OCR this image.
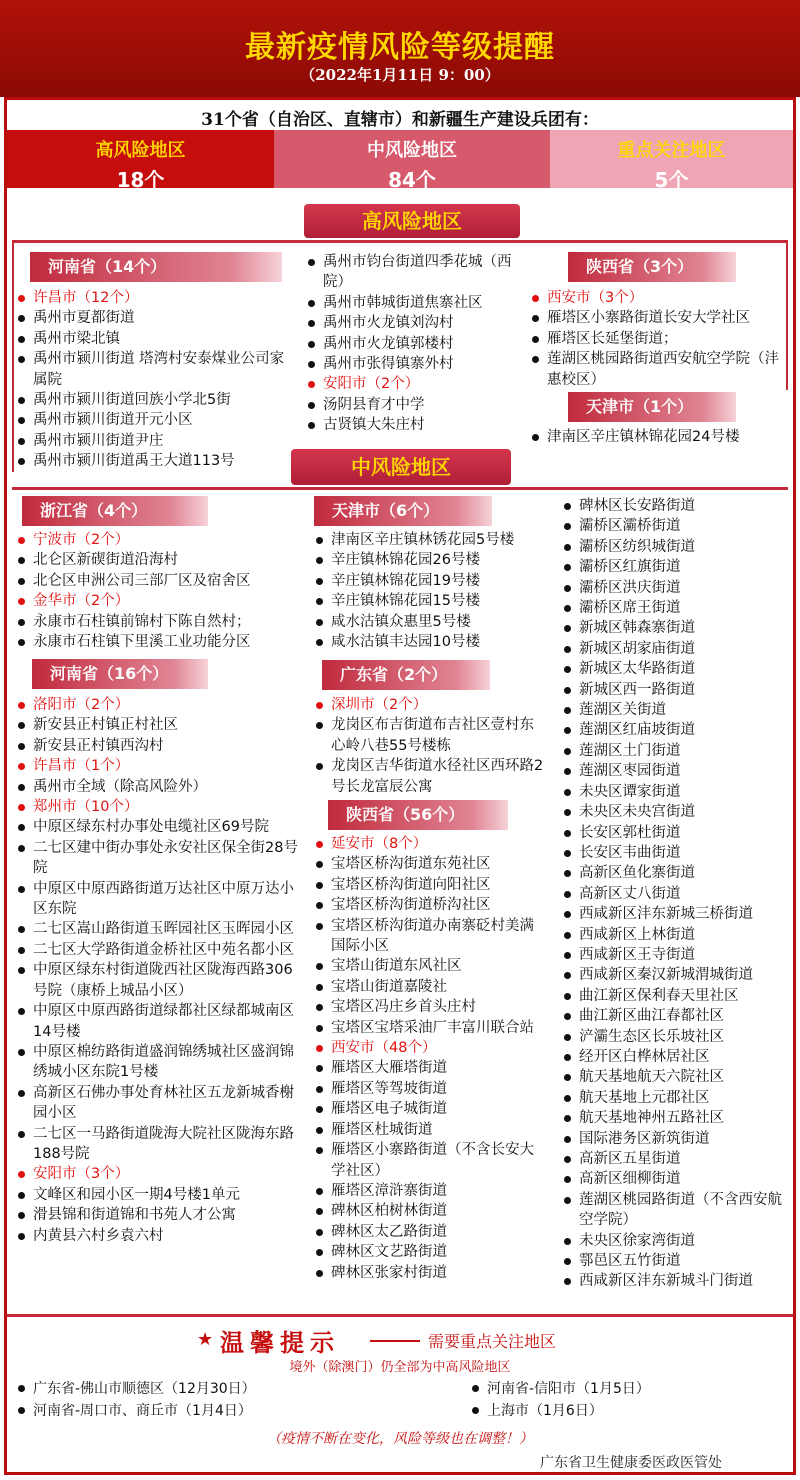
最新疫情风险等级提醒
（2022年1月11日 9：00）
31个省（自治区、直辖市）和新疆生产建设兵团有：
高风险地区
18个
中风险地区
84个
重点关注地区
5个
高风险地区
河南省（14个）
许昌市（12个）
禹州市夏都街道
禹州市梁北镇
禹州市颍川街道 塔湾村安泰煤业公司家属院
禹州市颍川街道回族小学北5街
禹州市颍川街道开元小区
禹州市颍川街道尹庄
禹州市颍川街道禹王大道113号
禹州市钧台街道四季花城（西院）
禹州市韩城街道焦寨社区
禹州市火龙镇刘沟村
禹州市火龙镇郭楼村
禹州市张得镇寨外村
安阳市（2个）
汤阴县育才中学
古贤镇大朱庄村
陕西省（3个）
西安市（3个）
雁塔区小寨路街道长安大学社区
雁塔区长延堡街道；
莲湖区桃园路街道西安航空学院（沣惠校区）
天津市（1个）
津南区辛庄镇林锦花园24号楼
中风险地区
浙江省（4个）
宁波市（2个）
北仑区新碶街道沿海村
北仑区申洲公司三部厂区及宿舍区
金华市（2个）
永康市石柱镇前锦村下陈自然村；
永康市石柱镇下里溪工业功能分区
河南省（16个）
洛阳市（2个）
新安县正村镇正村社区
新安县正村镇西沟村
许昌市（1个）
禹州市全域（除高风险外）
郑州市（10个）
中原区绿东村办事处电缆社区69号院
二七区建中街办事处永安社区保全街28号院
中原区中原西路街道万达社区中原万达小区东院
二七区嵩山路街道玉晖园社区玉晖园小区
二七区大学路街道金桥社区中苑名都小区
中原区绿东村街道陇西社区陇海西路306号院（康桥上城品小区）
中原区中原西路街道绿都社区绿都城南区14号楼
中原区棉纺路街道盛润锦绣城社区盛润锦绣城小区东院1号楼
高新区石佛办事处育林社区五龙新城香榭园小区
二七区一马路街道陇海大院社区陇海东路188号院
安阳市（3个）
文峰区和园小区一期4号楼1单元
滑县锦和街道锦和书苑人才公寓
内黄县六村乡袁六村
天津市（6个）
津南区辛庄镇林锈花园5号楼
辛庄镇林锦花园26号楼
辛庄镇林锦花园19号楼
辛庄镇林锦花园15号楼
咸水沽镇众惠里5号楼
咸水沽镇丰达园10号楼
广东省（2个）
深圳市（2个）
龙岗区布吉街道布吉社区壹村东心岭八巷55号楼栋
龙岗区吉华街道水径社区西环路2号长龙富辰公寓
陕西省（56个）
延安市（8个）
宝塔区桥沟街道东苑社区
宝塔区桥沟街道向阳社区
宝塔区桥沟街道桥沟社区
宝塔区桥沟街道办南寨砭村美满国际小区
宝塔山街道东风社区
宝塔山街道嘉陵社
宝塔区冯庄乡首头庄村
宝塔区宝塔采油厂丰富川联合站
西安市（48个）
雁塔区大雁塔街道
雁塔区等驾坡街道
雁塔区电子城街道
雁塔区杜城街道
雁塔区小寨路街道（不含长安大学社区）
雁塔区漳浒寨街道
碑林区柏树林街道
碑林区太乙路街道
碑林区文艺路街道
碑林区张家村街道
碑林区长安路街道
灞桥区灞桥街道
灞桥区纺织城街道
灞桥区红旗街道
灞桥区洪庆街道
灞桥区席王街道
新城区韩森寨街道
新城区胡家庙街道
新城区太华路街道
新城区西一路街道
莲湖区关街道
莲湖区红庙坡街道
莲湖区土门街道
莲湖区枣园街道
未央区谭家街道
未央区未央宫街道
长安区郭杜街道
长安区韦曲街道
高新区鱼化寨街道
高新区丈八街道
西咸新区沣东新城三桥街道
西咸新区上林街道
西咸新区王寺街道
西咸新区秦汉新城渭城街道
曲江新区保利春天里社区
曲江新区曲江春都社区
浐灞生态区长乐坡社区
经开区白桦林居社区
航天基地航天六院社区
航天基地上元郡社区
航天基地神州五路社区
国际港务区新筑街道
高新区五星街道
高新区细柳街道
莲湖区桃园路街道（不含西安航空学院）
未央区徐家湾街道
鄠邑区五竹街道
西咸新区沣东新城斗门街道
★ 温馨提示	需要重点关注地区
境外（除澳门）仍全部为中高风险地区
广东省-佛山市顺德区（12月30日）
河南省-周口市、商丘市（1月4日）
河南省-信阳市（1月5日）
上海市（1月6日）
（疫情不断在变化，风险等级也在调整！）
广东省卫生健康委医政医管处
